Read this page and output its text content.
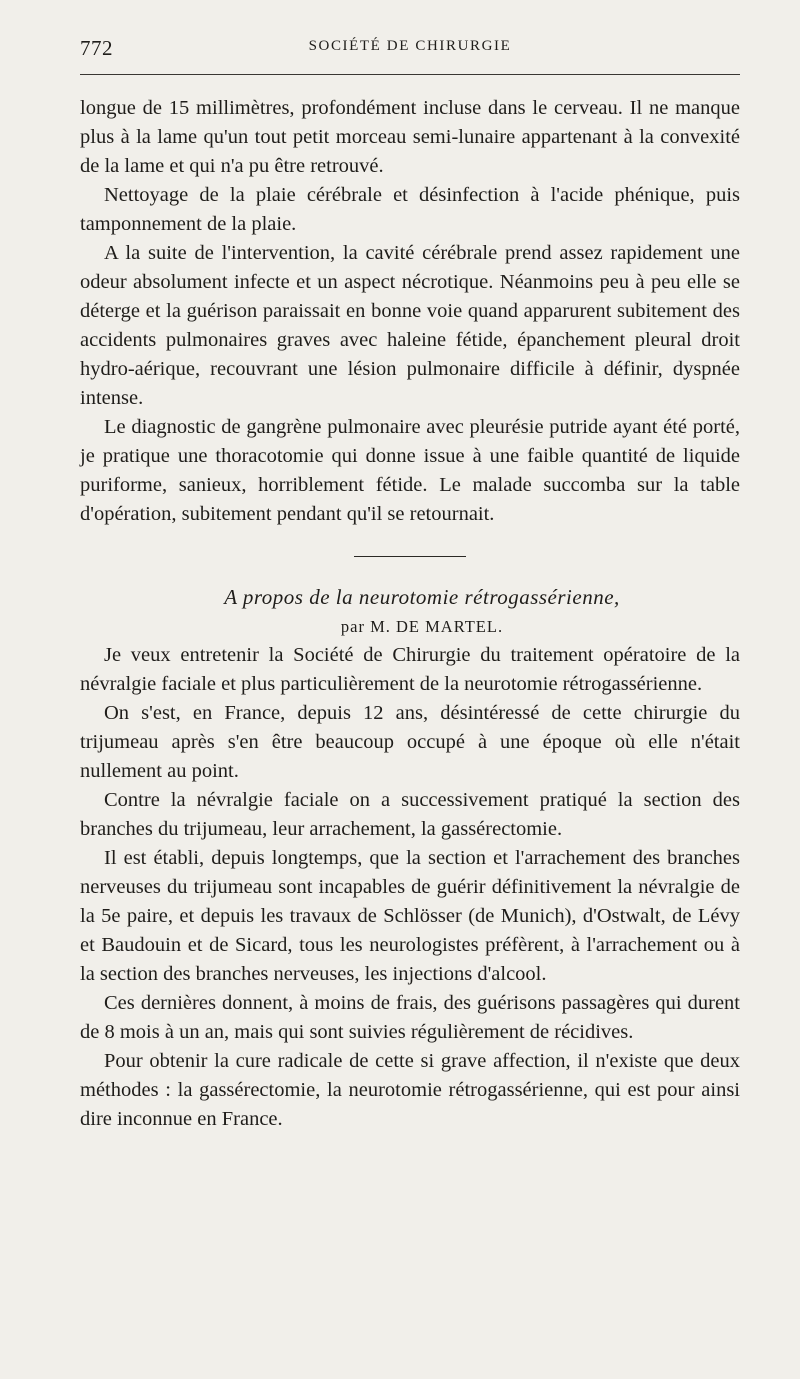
772	SOCIÉTÉ DE CHIRURGIE

longue de 15 millimètres, profondément incluse dans le cerveau. Il ne manque plus à la lame qu'un tout petit morceau semi-lunaire appartenant à la convexité de la lame et qui n'a pu être retrouvé.

Nettoyage de la plaie cérébrale et désinfection à l'acide phénique, puis tamponnement de la plaie.

A la suite de l'intervention, la cavité cérébrale prend assez rapidement une odeur absolument infecte et un aspect nécrotique. Néanmoins peu à peu elle se déterge et la guérison paraissait en bonne voie quand apparurent subitement des accidents pulmonaires graves avec haleine fétide, épanchement pleural droit hydro-aérique, recouvrant une lésion pulmonaire difficile à définir, dyspnée intense.

Le diagnostic de gangrène pulmonaire avec pleurésie putride ayant été porté, je pratique une thoracotomie qui donne issue à une faible quantité de liquide puriforme, sanieux, horriblement fétide. Le malade succomba sur la table d'opération, subitement pendant qu'il se retournait.

A propos de la neurotomie rétrogassérienne,

par M. DE MARTEL.

Je veux entretenir la Société de Chirurgie du traitement opératoire de la névralgie faciale et plus particulièrement de la neurotomie rétrogassérienne.

On s'est, en France, depuis 12 ans, désintéressé de cette chirurgie du trijumeau après s'en être beaucoup occupé à une époque où elle n'était nullement au point.

Contre la névralgie faciale on a successivement pratiqué la section des branches du trijumeau, leur arrachement, la gassérectomie.

Il est établi, depuis longtemps, que la section et l'arrachement des branches nerveuses du trijumeau sont incapables de guérir définitivement la névralgie de la 5e paire, et depuis les travaux de Schlösser (de Munich), d'Ostwalt, de Lévy et Baudouin et de Sicard, tous les neurologistes préfèrent, à l'arrachement ou à la section des branches nerveuses, les injections d'alcool.

Ces dernières donnent, à moins de frais, des guérisons passagères qui durent de 8 mois à un an, mais qui sont suivies régulièrement de récidives.

Pour obtenir la cure radicale de cette si grave affection, il n'existe que deux méthodes : la gassérectomie, la neurotomie rétrogassérienne, qui est pour ainsi dire inconnue en France.
